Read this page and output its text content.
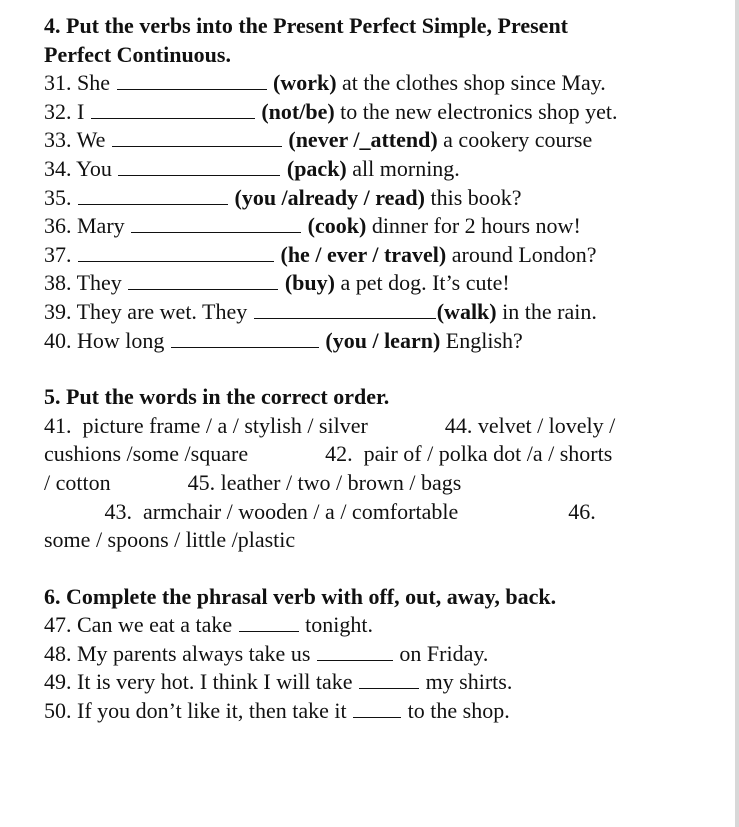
4. Put the verbs into the Present Perfect Simple, Present
Perfect Continuous.
31. She	(work) at the clothes shop since May.
32. I	(not/be) to the new electronics shop yet.
33. We	(never /_attend) a cookery course
34. You	(pack) all morning.
35.	(you /already / read) this book?
36. Mary	(cook) dinner for 2 hours now!
37.	(he / ever / travel) around London?
38. They	(buy) a pet dog. It’s cute!
39. They are wet. They	(walk) in the rain.
40. How long	(you / learn) English?
5. Put the words in the correct order.
41.  picture frame / a / stylish / silver              44. velvet / lovely /
cushions /some /square              42.  pair of / polka dot /a / shorts
/ cotton              45. leather / two / brown / bags
43.  armchair / wooden / a / comfortable                    46.
some / spoons / little /plastic
6. Complete the phrasal verb with off, out, away, back.
47. Can we eat a take	tonight.
48. My parents always take us	on Friday.
49. It is very hot. I think I will take	my shirts.
50. If you don’t like it, then take it  to the shop.
